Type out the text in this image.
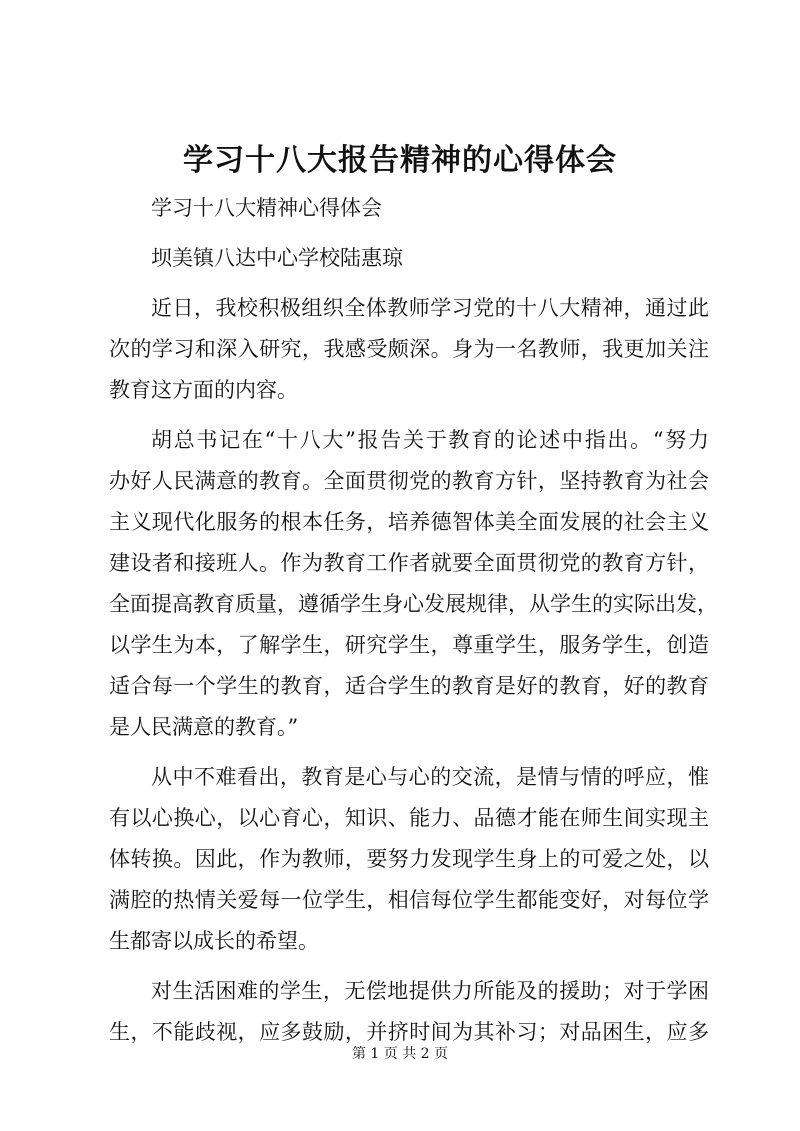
学习十八大报告精神的心得体会

学习十八大精神心得体会

坝美镇八达中心学校陆惠琼

近日，我校积极组织全体教师学习党的十八大精神，通过此

次的学习和深入研究，我感受颇深。身为一名教师，我更加关注

教育这方面的内容。

胡总书记在“十八大”报告关于教育的论述中指出。“努力

办好人民满意的教育。全面贯彻党的教育方针，坚持教育为社会

主义现代化服务的根本任务，培养德智体美全面发展的社会主义

建设者和接班人。作为教育工作者就要全面贯彻党的教育方针，

全面提高教育质量，遵循学生身心发展规律，从学生的实际出发，

以学生为本，了解学生，研究学生，尊重学生，服务学生，创造

适合每一个学生的教育，适合学生的教育是好的教育，好的教育

是人民满意的教育。”

从中不难看出，教育是心与心的交流，是情与情的呼应，惟

有以心换心，以心育心，知识、能力、品德才能在师生间实现主

体转换。因此，作为教师，要努力发现学生身上的可爱之处，以

满腔的热情关爱每一位学生，相信每位学生都能变好，对每位学

生都寄以成长的希望。

对生活困难的学生，无偿地提供力所能及的援助；对于学困

生，不能歧视，应多鼓励，并挤时间为其补习；对品困生，应多

第 1 页 共 2 页
